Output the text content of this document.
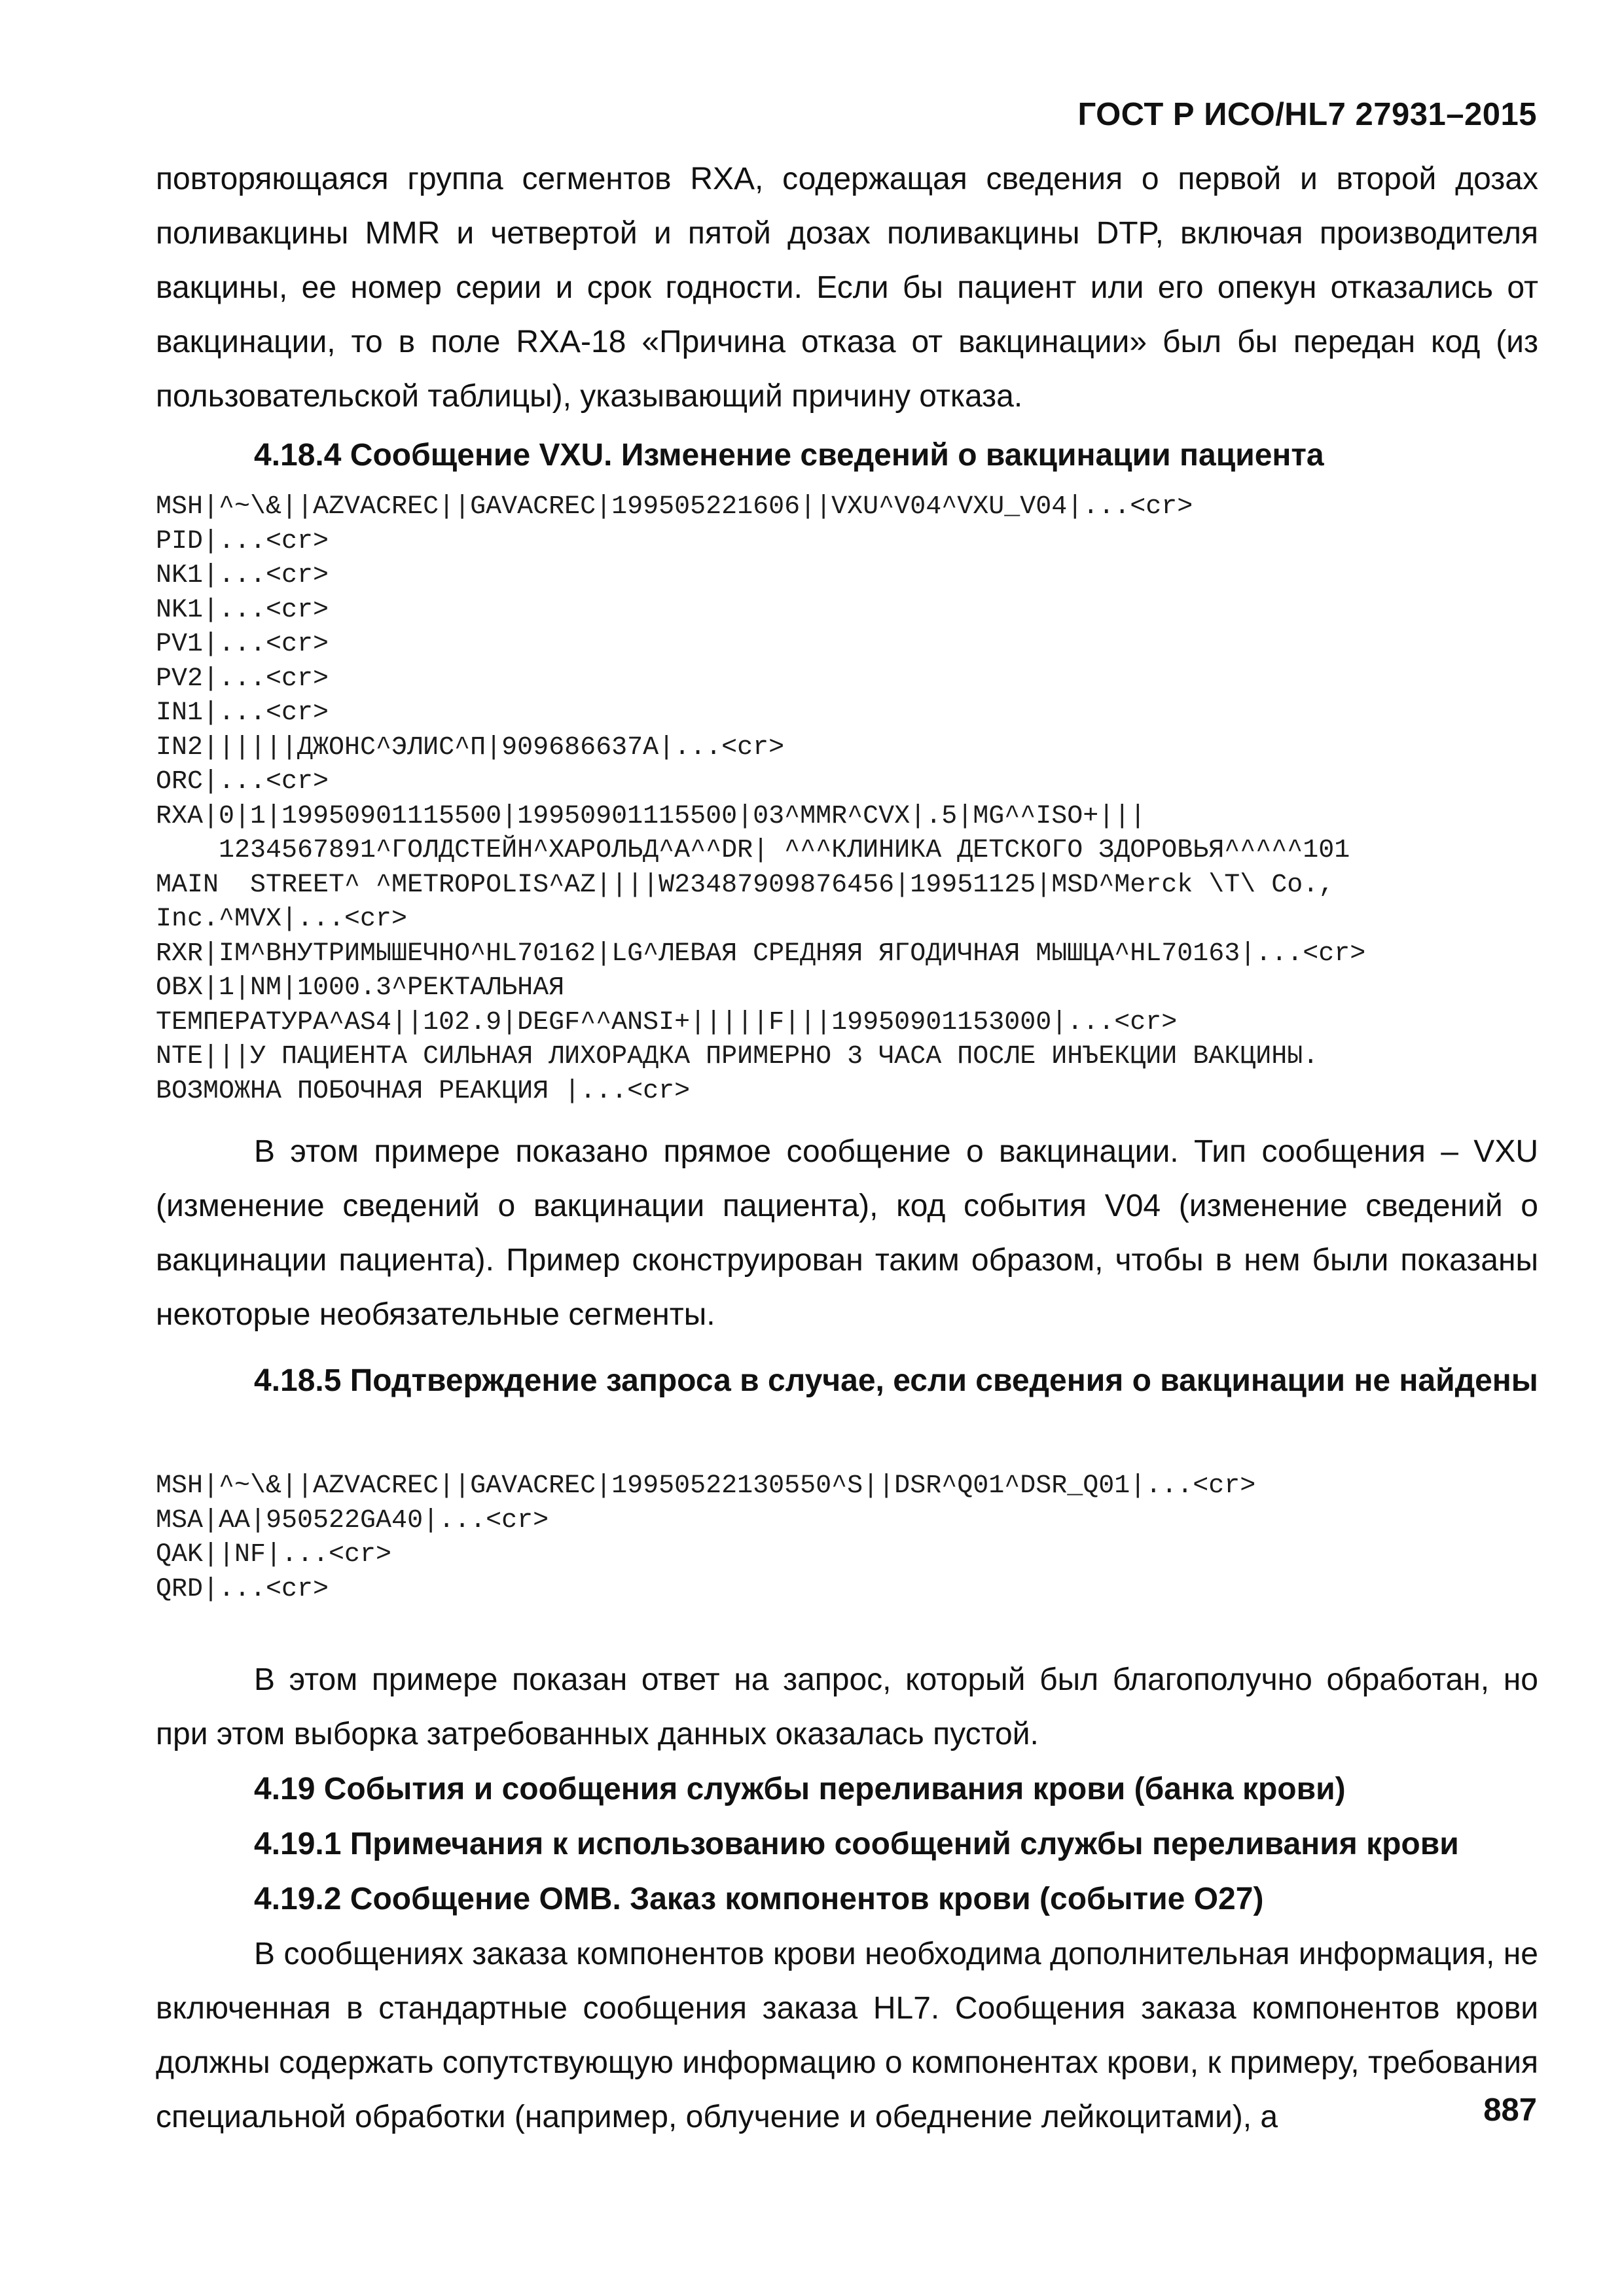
ГОСТ Р ИСО/HL7 27931–2015

повторяющаяся группа сегментов RXA, содержащая сведения о первой и второй дозах поливакцины MMR и четвертой и пятой дозах поливакцины DTP, включая производителя вакцины, ее номер серии и срок годности. Если бы пациент или его опекун отказались от вакцинации, то в поле RXA-18 «Причина отказа от вакцинации» был бы передан код (из пользовательской таблицы), указывающий причину отказа.

4.18.4 Сообщение VXU. Изменение сведений о вакцинации пациента

MSH|^~\&||AZVACREC||GAVACREC|199505221606||VXU^V04^VXU_V04|...<cr>
PID|...<cr>
NK1|...<cr>
NK1|...<cr>
PV1|...<cr>
PV2|...<cr>
IN1|...<cr>
IN2||||||ДЖОНС^ЭЛИС^П|909686637A|...<cr>
ORC|...<cr>
RXA|0|1|19950901115500|19950901115500|03^MMR^CVX|.5|MG^^ISO+|||
1234567891^ГОЛДСТЕЙН^ХАРОЛЬД^А^^DR| ^^^КЛИНИКА ДЕТСКОГО ЗДОРОВЬЯ^^^^^101
MAIN  STREET^ ^METROPOLIS^AZ||||W23487909876456|19951125|MSD^Merck \T\ Co.,
Inc.^MVX|...<cr>
RXR|IM^ВНУТРИМЫШЕЧНО^HL70162|LG^ЛЕВАЯ СРЕДНЯЯ ЯГОДИЧНАЯ МЫШЦА^HL70163|...<cr>
OBX|1|NM|1000.3^РЕКТАЛЬНАЯ
ТЕМПЕРАТУРА^AS4||102.9|DEGF^^ANSI+|||||F|||19950901153000|...<cr>
NTE|||У ПАЦИЕНТА СИЛЬНАЯ ЛИХОРАДКА ПРИМЕРНО 3 ЧАСА ПОСЛЕ ИНЪЕКЦИИ ВАКЦИНЫ.
ВОЗМОЖНА ПОБОЧНАЯ РЕАКЦИЯ |...<cr>

В этом примере показано прямое сообщение о вакцинации. Тип сообщения – VXU (изменение сведений о вакцинации пациента), код события V04 (изменение сведений о вакцинации пациента). Пример сконструирован таким образом, чтобы в нем были показаны некоторые необязательные сегменты.

4.18.5 Подтверждение запроса в случае, если сведения о вакцинации не найдены

MSH|^~\&||AZVACREC||GAVACREC|19950522130550^S||DSR^Q01^DSR_Q01|...<cr>
MSA|AA|950522GA40|...<cr>
QAK||NF|...<cr>
QRD|...<cr>

В этом примере показан ответ на запрос, который был благополучно обработан, но при этом выборка затребованных данных оказалась пустой.

4.19 События и сообщения службы переливания крови (банка крови)

4.19.1 Примечания к использованию сообщений службы переливания крови

4.19.2 Сообщение OMB. Заказ компонентов крови (событие O27)

В сообщениях заказа компонентов крови необходима дополнительная информация, не включенная в стандартные сообщения заказа HL7. Сообщения заказа компонентов крови должны содержать сопутствующую информацию о компонентах крови, к примеру, требования специальной обработки (например, облучение и обеднение лейкоцитами), а	887
